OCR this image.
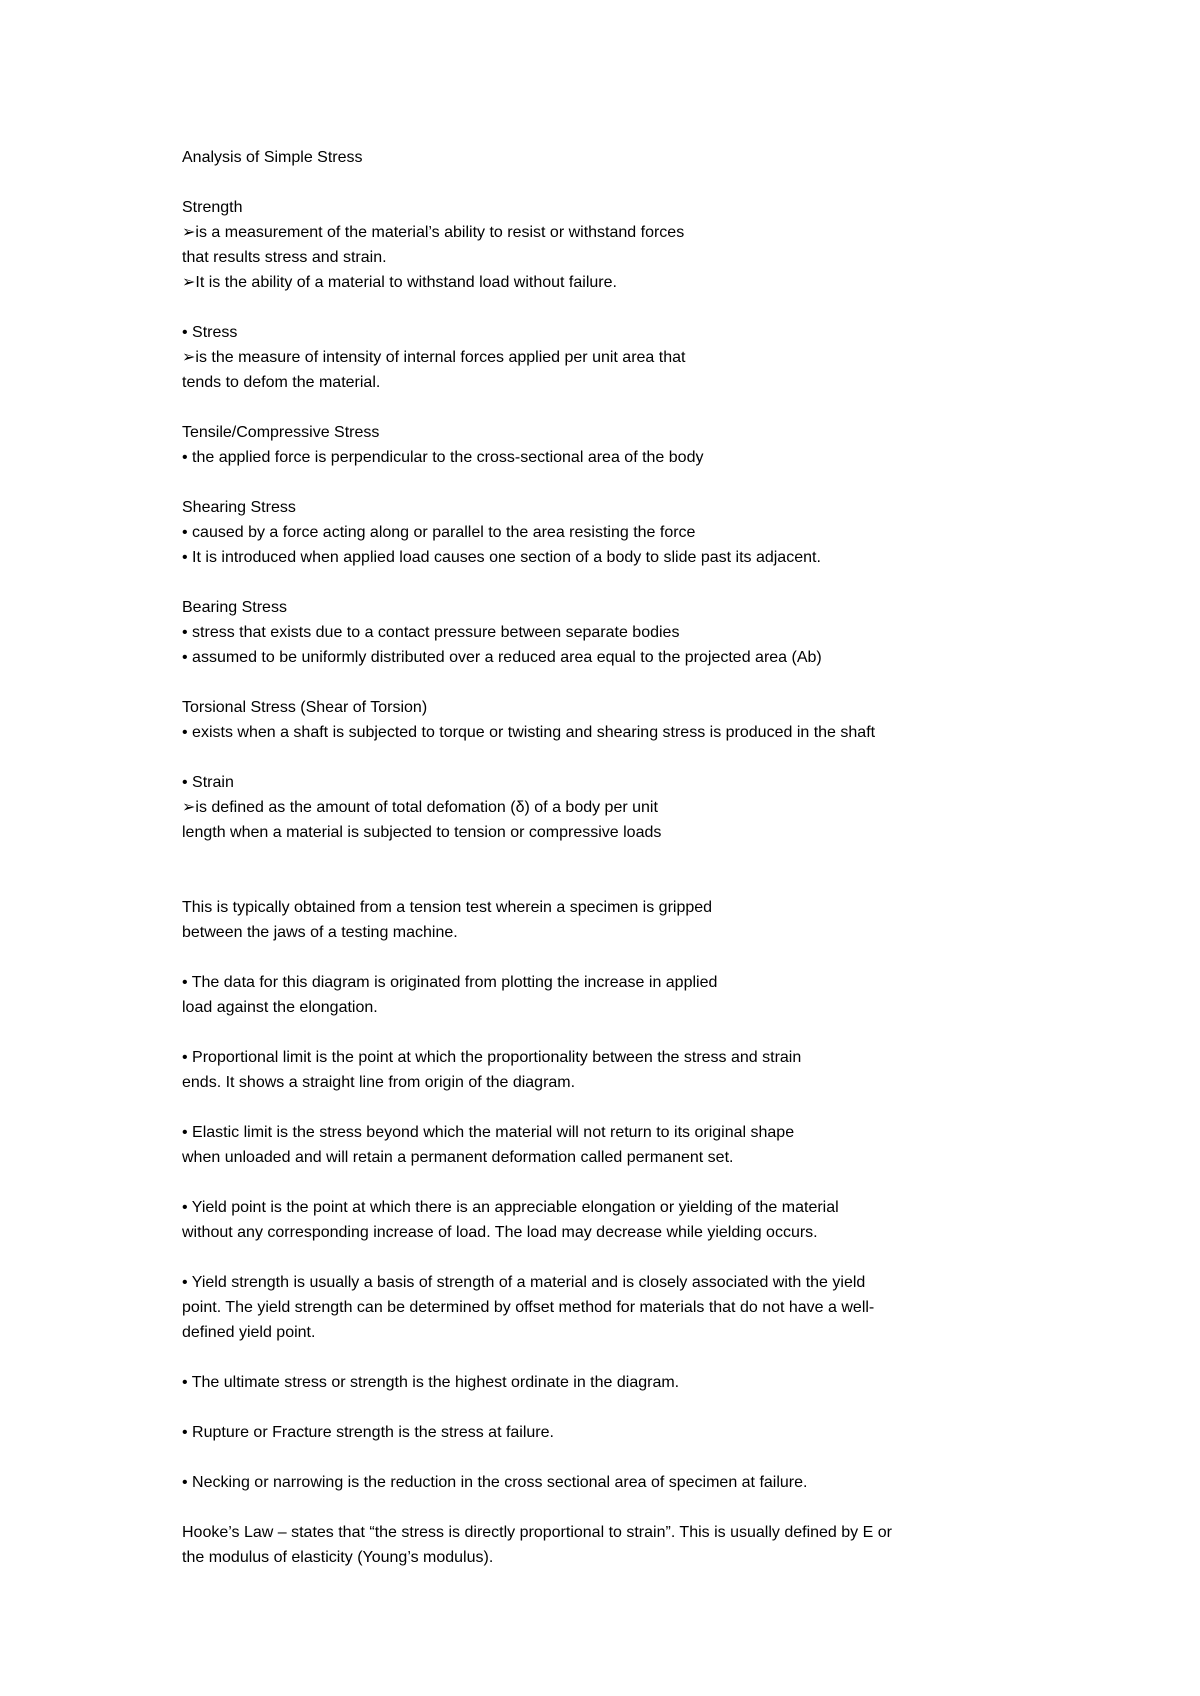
Analysis of Simple Stress
Strength
➢is a measurement of the material’s ability to resist or withstand forces
that results stress and strain.
➢It is the ability of a material to withstand load without failure.
• Stress
➢is the measure of intensity of internal forces applied per unit area that
tends to defom the material.
Tensile/Compressive Stress
• the applied force is perpendicular to the cross-sectional area of the body
Shearing Stress
• caused by a force acting along or parallel to the area resisting the force
• It is introduced when applied load causes one section of a body to slide past its adjacent.
Bearing Stress
• stress that exists due to a contact pressure between separate bodies
• assumed to be uniformly distributed over a reduced area equal to the projected area (Ab)
Torsional Stress (Shear of Torsion)
• exists when a shaft is subjected to torque or twisting and shearing stress is produced in the shaft
• Strain
➢is defined as the amount of total defomation (δ) of a body per unit
length when a material is subjected to tension or compressive loads
This is typically obtained from a tension test wherein a specimen is gripped
between the jaws of a testing machine.
• The data for this diagram is originated from plotting the increase in applied
load against the elongation.
• Proportional limit is the point at which the proportionality between the stress and strain
ends. It shows a straight line from origin of the diagram.
• Elastic limit is the stress beyond which the material will not return to its original shape
when unloaded and will retain a permanent deformation called permanent set.
• Yield point is the point at which there is an appreciable elongation or yielding of the material
without any corresponding increase of load. The load may decrease while yielding occurs.
• Yield strength is usually a basis of strength of a material and is closely associated with the yield
point. The yield strength can be determined by offset method for materials that do not have a well-
defined yield point.
• The ultimate stress or strength is the highest ordinate in the diagram.
• Rupture or Fracture strength is the stress at failure.
• Necking or narrowing is the reduction in the cross sectional area of specimen at failure.
Hooke’s Law – states that “the stress is directly proportional to strain”. This is usually defined by E or
the modulus of elasticity (Young’s modulus).
